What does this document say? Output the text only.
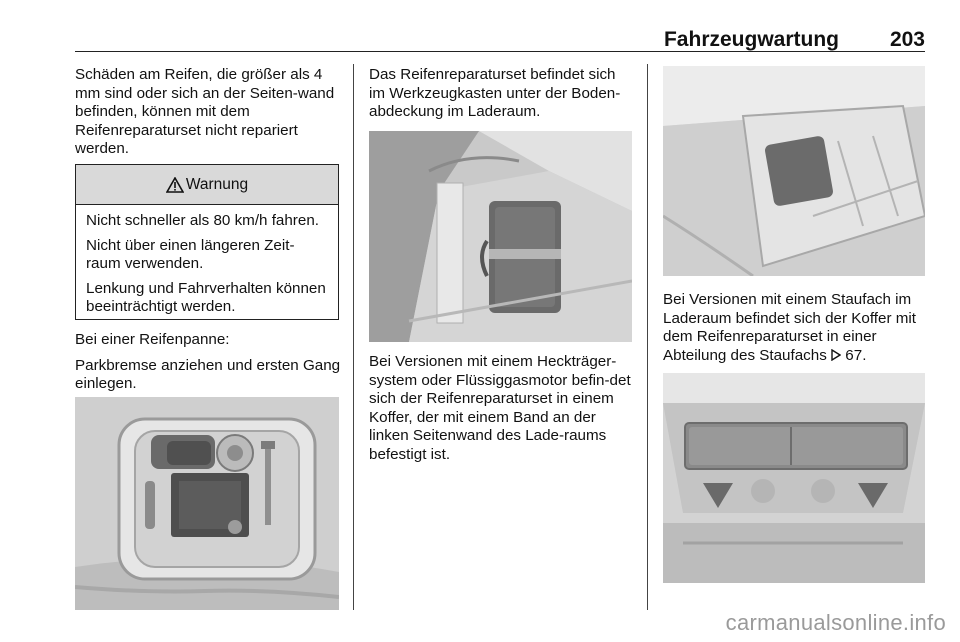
Fahrzeugwartung 203

Schäden am Reifen, die größer als 4 mm sind oder sich an der Seiten-wand befinden, können mit dem Reifenreparaturset nicht repariert werden.

Warnung

Nicht schneller als 80 km/h fahren.

Nicht über einen längeren Zeit-raum verwenden.

Lenkung und Fahrverhalten können beeinträchtigt werden.

Bei einer Reifenpanne:

Parkbremse anziehen und ersten Gang einlegen.

Das Reifenreparaturset befindet sich im Werkzeugkasten unter der Boden-abdeckung im Laderaum.

Bei Versionen mit einem Heckträger-system oder Flüssiggasmotor befin-det sich der Reifenreparaturset in einem Koffer, der mit einem Band an der linken Seitenwand des Lade-raums befestigt ist.

Bei Versionen mit einem Staufach im Laderaum befindet sich der Koffer mit dem Reifenreparaturset in einer Abteilung des Staufachs 67.

carmanualsonline.info
